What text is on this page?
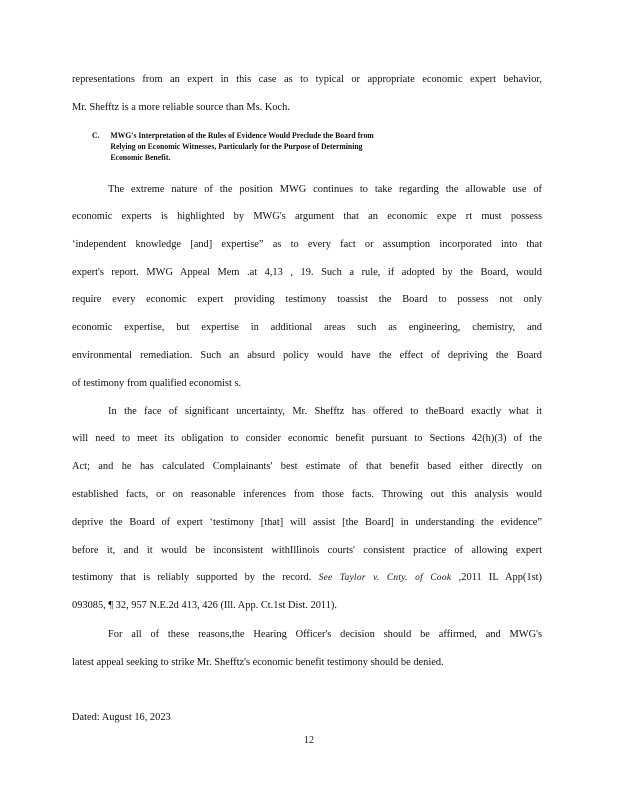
representations from an expert in this case as to typical or appropriate economic expert behavior,
Mr. Shefftz is a more reliable source than Ms. Koch.
C. MWG's Interpretation of the Rules of Evidence Would Preclude the Board from
Relying on Economic Witnesses, Particularly for the Purpose of Determining
Economic Benefit.
The extreme nature of the position MWG continues to take regarding the allowable use of
economic experts is highlighted by MWG's argument that an economic expe rt must possess
‘independent knowledge [and] expertise” as to every fact or assumption incorporated into that
expert's report. MWG Appeal Mem .at 4,13 , 19. Such a rule, if adopted by the Board, would
require every economic expert providing testimony toassist the Board to possess not only
economic expertise, but expertise in additional areas such as engineering, chemistry, and
environmental remediation. Such an absurd policy would have the effect of depriving the Board
of testimony from qualified economist s.
In the face of significant uncertainty, Mr. Shefftz has offered to theBoard exactly what it
will need to meet its obligation to consider economic benefit pursuant to Sections 42(h)(3) of the
Act; and he has calculated Complainants' best estimate of that benefit based either directly on
established facts, or on reasonable inferences from those facts. Throwing out this analysis would
deprive the Board of expert ‘testimony [that] will assist [the Board] in understanding the evidence”
before it, and it would be inconsistent withIllinois courts' consistent practice of allowing expert
testimony that is reliably supported by the record. See Taylor v. Cnty. of Cook ,2011 IL App(1st)
093085, ¶ 32, 957 N.E.2d 413, 426 (Ill. App. Ct.1st Dist. 2011).
For all of these reasons,the Hearing Officer's decision should be affirmed, and MWG's
latest appeal seeking to strike Mr. Shefftz's economic benefit testimony should be denied.
Dated: August 16, 2023
12
